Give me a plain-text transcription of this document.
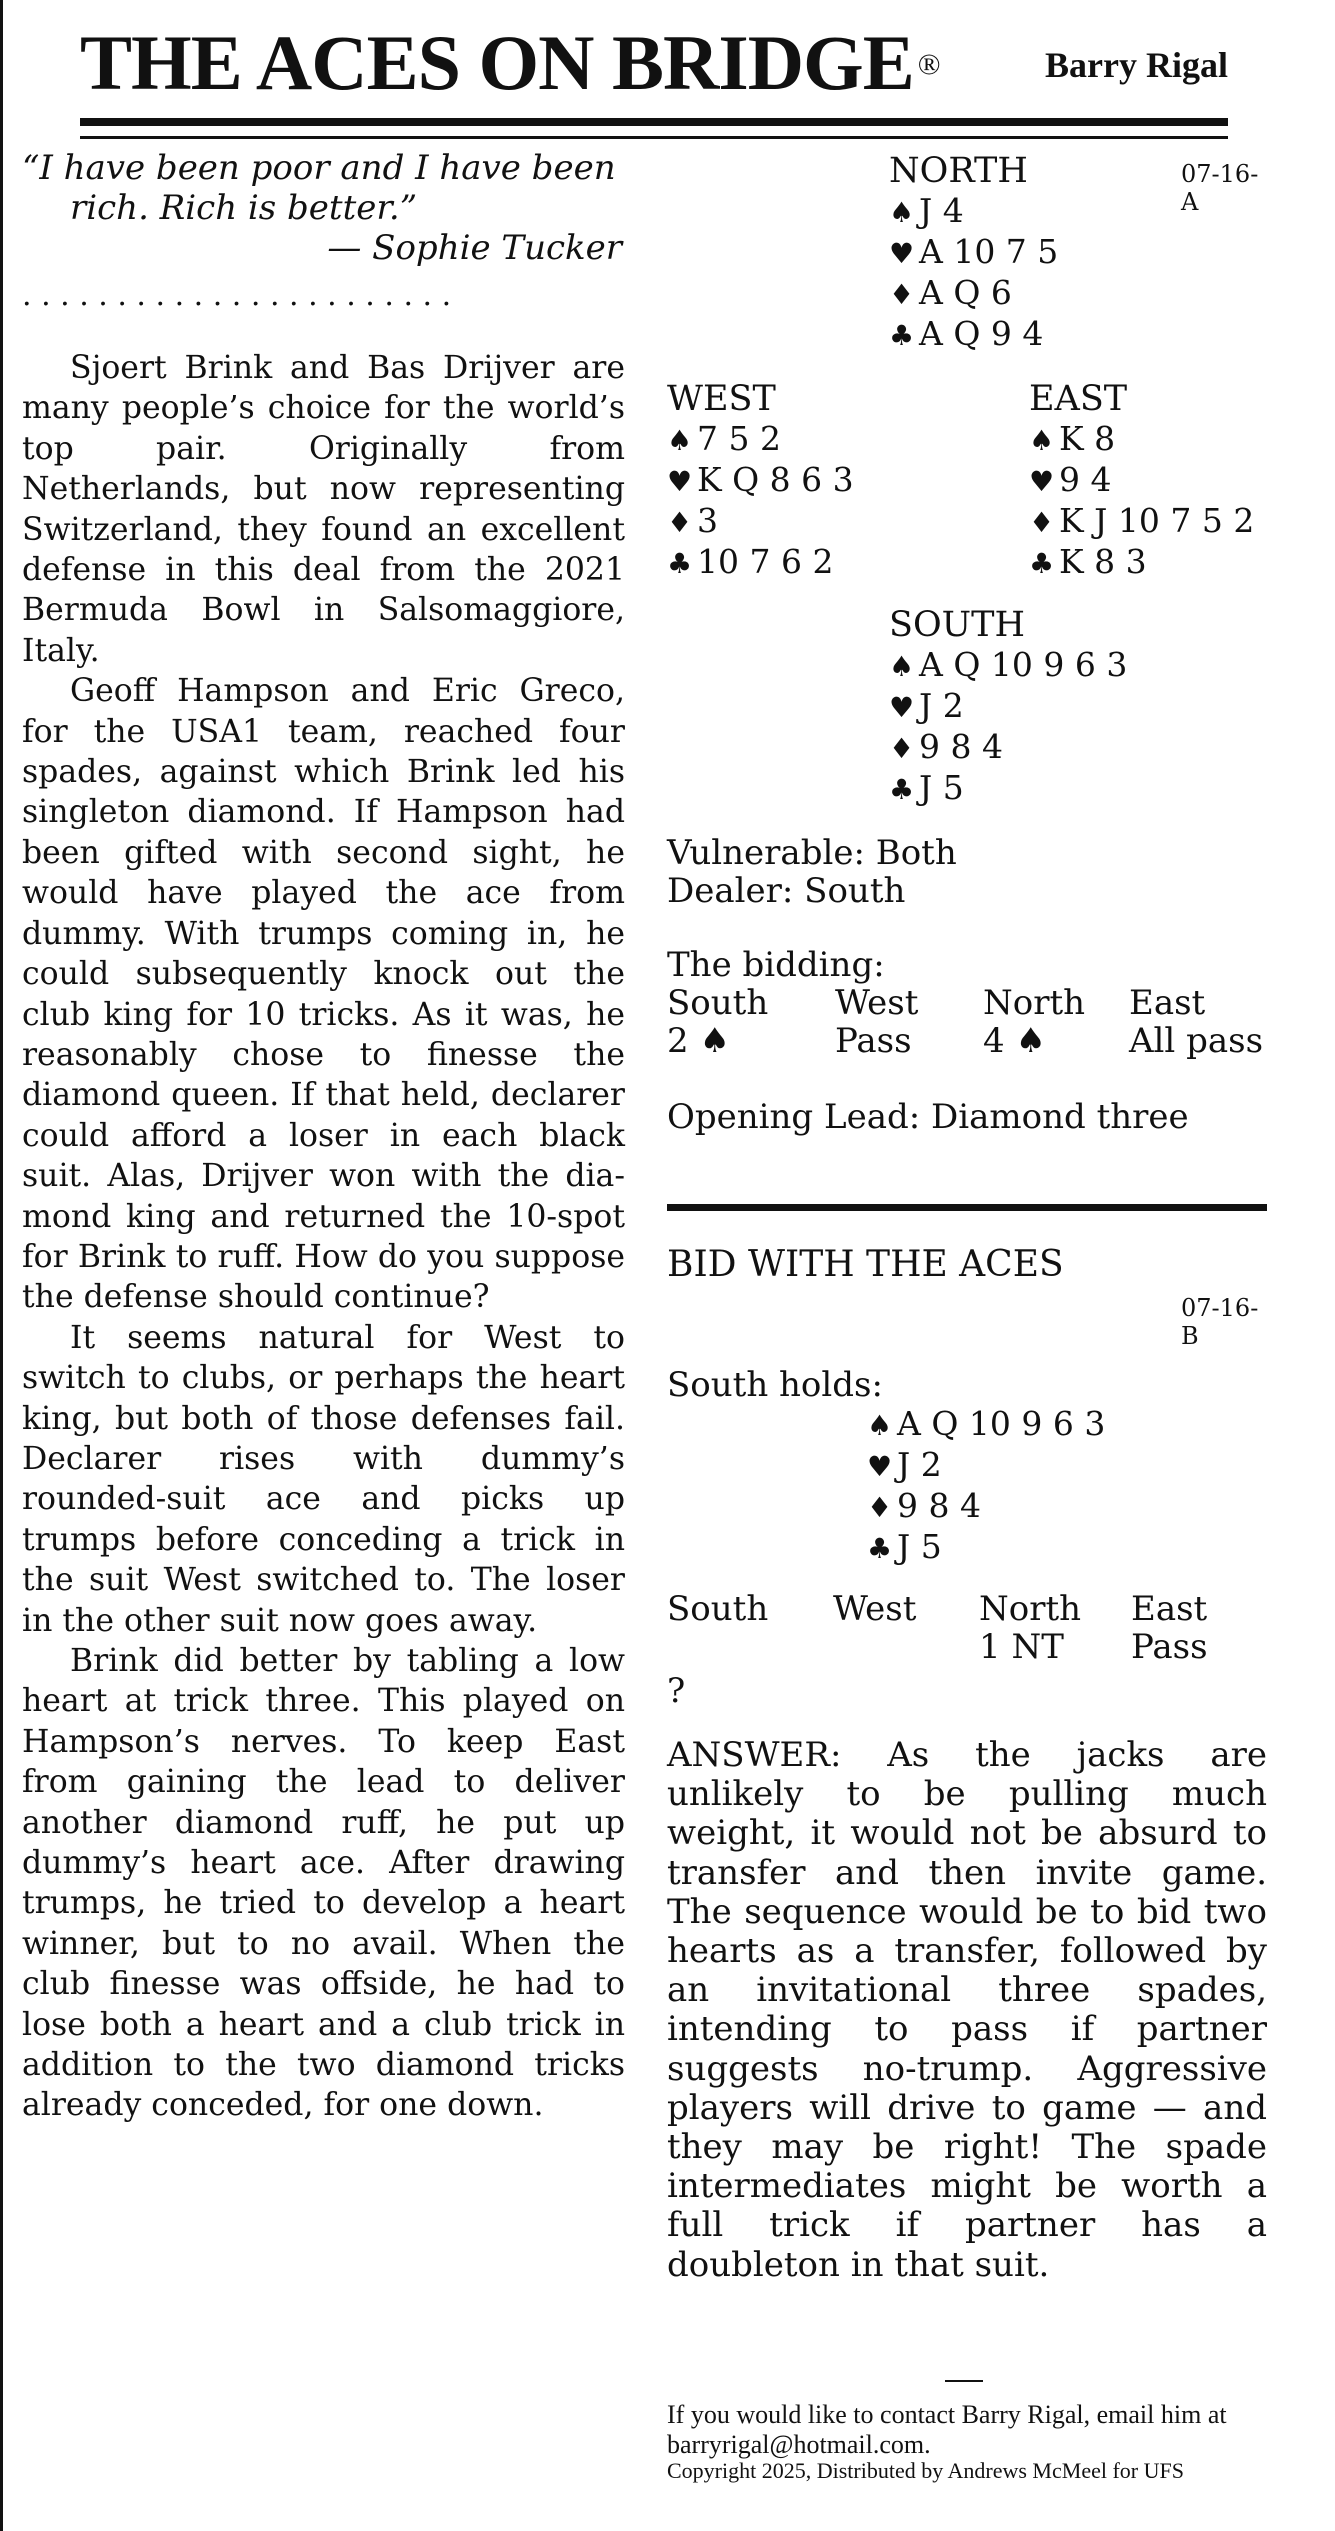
THE ACES ON BRIDGE ®	Barry Rigal
“I have been poor and I have been
rich. Rich is better.”
— Sophie Tucker
. . . . . . . . . . . . . . . . . . . . . . .

Sjoert Brink and Bas Drijver are many people’s choice for the world’s top pair. Originally from Netherlands, but now representing Switzerland, they found an excellent defense in this deal from the 2021 Bermuda Bowl in Salsomaggiore, Italy.

Geoff Hampson and Eric Greco, for the USA1 team, reached four spades, against which Brink led his singleton diamond. If Hampson had been gifted with second sight, he would have played the ace from dummy. With trumps coming in, he could subsequently knock out the club king for 10 tricks. As it was, he reasonably chose to finesse the diamond queen. If that held, declarer could afford a loser in each black suit. Alas, Drijver won with the diamond king and returned the 10-spot for Brink to ruff. How do you suppose the defense should continue?

It seems natural for West to switch to clubs, or perhaps the heart king, but both of those defenses fail. Declarer rises with dummy’s rounded-suit ace and picks up trumps before conceding a trick in the suit West switched to. The loser in the other suit now goes away.

Brink did better by tabling a low heart at trick three. This played on Hampson’s nerves. To keep East from gaining the lead to deliver another diamond ruff, he put up dummy’s heart ace. After drawing trumps, he tried to develop a heart winner, but to no avail. When the club finesse was offside, he had to lose both a heart and a club trick in addition to the two diamond tricks already conceded, for one down.

07-16-A
NORTH
♠ J 4
♥ A 10 7 5
♦ A Q 6
♣ A Q 9 4
WEST
♠ 7 5 2
♥ K Q 8 6 3
♦ 3
♣ 10 7 6 2
EAST
♠ K 8
♥ 9 4
♦ K J 10 7 5 2
♣ K 8 3
SOUTH
♠ A Q 10 9 6 3
♥ J 2
♦ 9 8 4
♣ J 5
Vulnerable: Both
Dealer: South
The bidding:
South	West	North	East
2 ♠	Pass	4 ♠	All pass
Opening Lead: Diamond three
BID WITH THE ACES
07-16-B
South holds:
♠ A Q 10 9 6 3
♥ J 2
♦ 9 8 4
♣ J 5
South	West	North	East
		1 NT	Pass
?			
ANSWER: As the jacks are unlikely to be pulling much weight, it would not be absurd to transfer and then invite game. The sequence would be to bid two hearts as a transfer, followed by an invitational three spades, intending to pass if partner suggests no-trump. Aggressive players will drive to game — and they may be right! The spade intermediates might be worth a full trick if partner has a doubleton in that suit.
If you would like to contact Barry Rigal, email him at barryrigal@hotmail.com.
Copyright 2025, Distributed by Andrews McMeel for UFS
